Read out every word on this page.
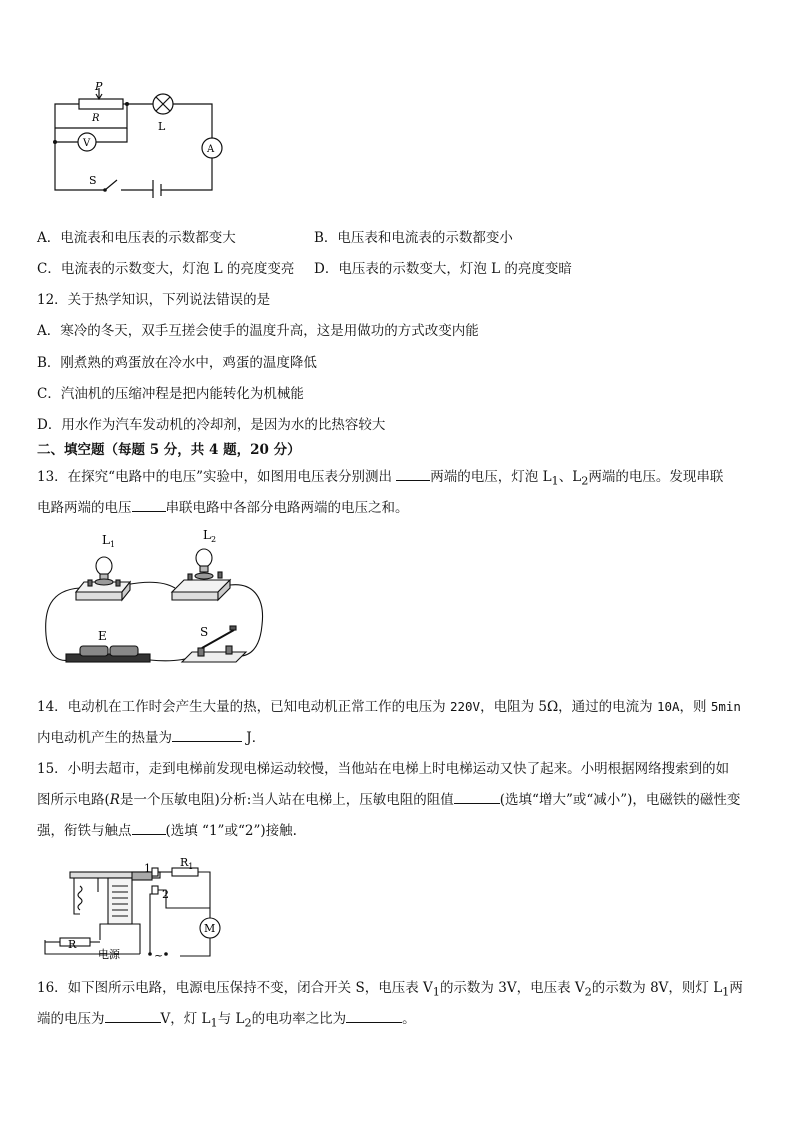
P
R
L
V
A
S
A．电流表和电压表的示数都变大	B．电压表和电流表的示数都变小
C．电流表的示数变大，灯泡 L 的亮度变亮 D．电压表的示数变大，灯泡 L 的亮度变暗
12．关于热学知识，下列说法错误的是
A．寒冷的冬天，双手互搓会使手的温度升高，这是用做功的方式改变内能
B．刚煮熟的鸡蛋放在冷水中，鸡蛋的温度降低
C．汽油机的压缩冲程是把内能转化为机械能
D．用水作为汽车发动机的冷却剂，是因为水的比热容较大
二、填空题（每题 5 分，共 4 题，20 分）
13．在探究“电路中的电压”实验中，如图用电压表分别测出	两端的电压，灯泡 $L_1$、$L_2$两端的电压。发现串联
电路两端的电压	串联电路中各部分电路两端的电压之和。
$L_1$
$L_2$
E	S
14．电动机在工作时会产生大量的热，已知电动机正常工作的电压为 220V，电阻为 5Ω，通过的电流为 10A，则 5min
内电动机产生的热量为	J．
15．小明去超市，走到电梯前发现电梯运动较慢，当他站在电梯上时电梯运动又快了起来。小明根据网络搜索到的如
图所示电路(R是一个压敏电阻)分析:当人站在电梯上，压敏电阻的阻值	(选填“增大”或“减小”)，电磁铁的磁性变
强，衔铁与触点	(选填 “1”或“2”)接触.
1
2
$R_1$
M
R
电源	~
16．如下图所示电路，电源电压保持不变，闭合开关 S，电压表 $V_1$的示数为 3V，电压表 $V_2$的示数为 8V，则灯 $L_1$两
端的电压为	V，灯 $L_1$与 $L_2$的电功率之比为	。
